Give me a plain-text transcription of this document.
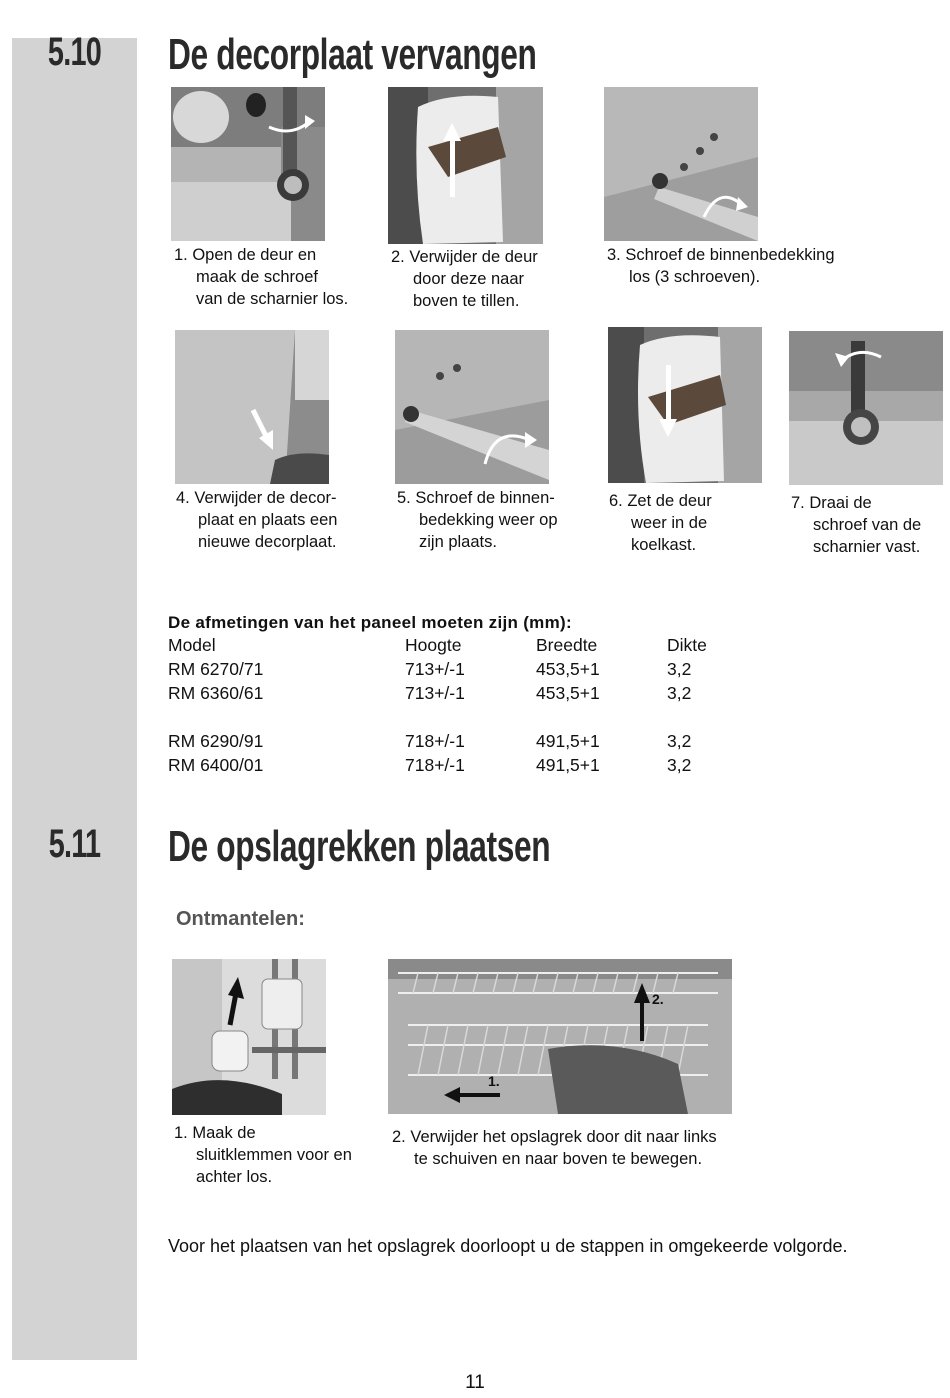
5.10	De decorplaat vervangen
1. Open de deur en
maak de schroef
van de scharnier los.
2. Verwijder de deur
door deze naar
boven te tillen.
3. Schroef de binnenbedekking
los (3 schroeven).
4. Verwijder de decor-
plaat en plaats een
nieuwe decorplaat.
5. Schroef de binnen-
bedekking weer op
zijn plaats.
6. Zet de deur
weer in de
koelkast.
7. Draai de
schroef van de
scharnier vast.
De afmetingen van het paneel moeten zijn (mm):
Model	Hoogte	Breedte	Dikte
RM 6270/71	713+/-1	453,5+1	3,2
RM 6360/61	713+/-1	453,5+1	3,2

RM 6290/91	718+/-1	491,5+1	3,2
RM 6400/01	718+/-1	491,5+1	3,2
5.11	De opslagrekken plaatsen
Ontmantelen:
1. Maak de
sluitklemmen voor en
achter los.
2.
1.
2. Verwijder het opslagrek door dit naar links
te schuiven en naar boven te bewegen.
Voor het plaatsen van het opslagrek doorloopt u de stappen in omgekeerde volgorde.
11
